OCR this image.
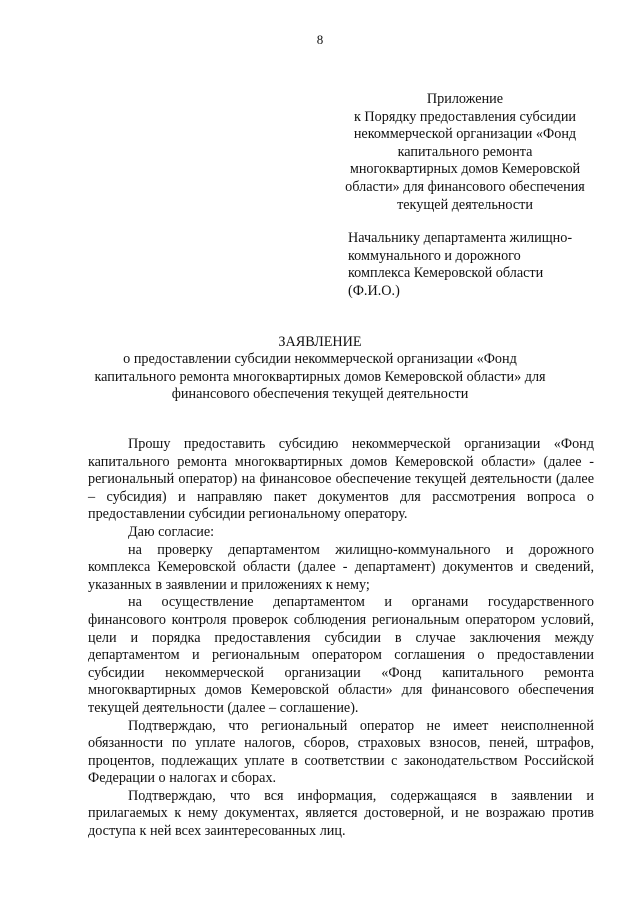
8
Приложение
к Порядку предоставления субсидии
некоммерческой организации «Фонд
капитального ремонта
многоквартирных домов Кемеровской
области» для финансового обеспечения
текущей деятельности
Начальнику департамента жилищно-
коммунального и дорожного
комплекса Кемеровской области
(Ф.И.О.)
ЗАЯВЛЕНИЕ
о предоставлении субсидии некоммерческой организации «Фонд
капитального ремонта многоквартирных домов Кемеровской области» для
финансового обеспечения текущей деятельности

Прошу предоставить субсидию некоммерческой организации «Фонд капитального ремонта многоквартирных домов Кемеровской области» (далее - региональный оператор) на финансовое обеспечение текущей деятельности (далее – субсидия) и направляю пакет документов для рассмотрения вопроса о предоставлении субсидии региональному оператору.

Даю согласие:

на проверку департаментом жилищно-коммунального и дорожного комплекса Кемеровской области (далее - департамент) документов и сведений, указанных в заявлении и приложениях к нему;

на осуществление департаментом и органами государственного финансового контроля проверок соблюдения региональным оператором условий, цели и порядка предоставления субсидии в случае заключения между департаментом и региональным оператором соглашения о предоставлении субсидии некоммерческой организации «Фонд капитального ремонта многоквартирных домов Кемеровской области» для финансового обеспечения текущей деятельности (далее – соглашение).

Подтверждаю, что региональный оператор не имеет неисполненной обязанности по уплате налогов, сборов, страховых взносов, пеней, штрафов, процентов, подлежащих уплате в соответствии с законодательством Российской Федерации о налогах и сборах.

Подтверждаю, что вся информация, содержащаяся в заявлении и прилагаемых к нему документах, является достоверной, и не возражаю против доступа к ней всех заинтересованных лиц.
